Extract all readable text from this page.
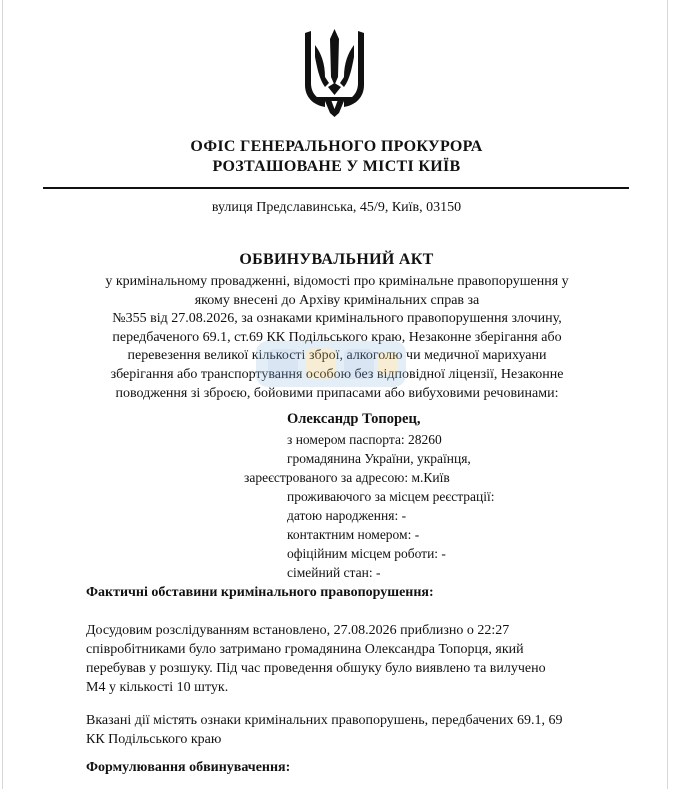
ОФІС ГЕНЕРАЛЬНОГО ПРОКУРОРА
РОЗТАШОВАНЕ У МІСТІ КИЇВ
вулиця Предславинська, 45/9, Київ, 03150
ОБВИНУВАЛЬНИЙ АКТ
у кримінальному провадженні, відомості про кримінальне правопорушення у
якому внесені до Архіву кримінальних справ за
№355 від 27.08.2026, за ознаками кримінального правопорушення злочину,
передбаченого 69.1, ст.69 КК Подільського краю, Незаконне зберігання або
перевезення великої кількості зброї, алкоголю чи медичної марихуани
зберігання або транспортування особою без відповідної ліцензії, Незаконне
поводження зі зброєю, бойовими припасами або вибуховими речовинами:
Олександр Топорец,
з номером паспорта: 28260
громадянина України, українця,
зареєстрованого за адресою: м.Київ
проживаючого за місцем реєстрації:
датою народження: -
контактним номером: -
офіційним місцем роботи: -
сімейний стан: -
Фактичні обставини кримінального правопорушення:
Досудовим розслідуванням встановлено, 27.08.2026 приблизно о 22:27
співробітниками було затримано громадянина Олександра Топорця, який
перебував у розшуку. Під час проведення обшуку було виявлено та вилучено
М4 у кількості 10 штук.
Вказані дії містять ознаки кримінальних правопорушень, передбачених 69.1, 69
КК Подільського краю
Формулювання обвинувачення:
